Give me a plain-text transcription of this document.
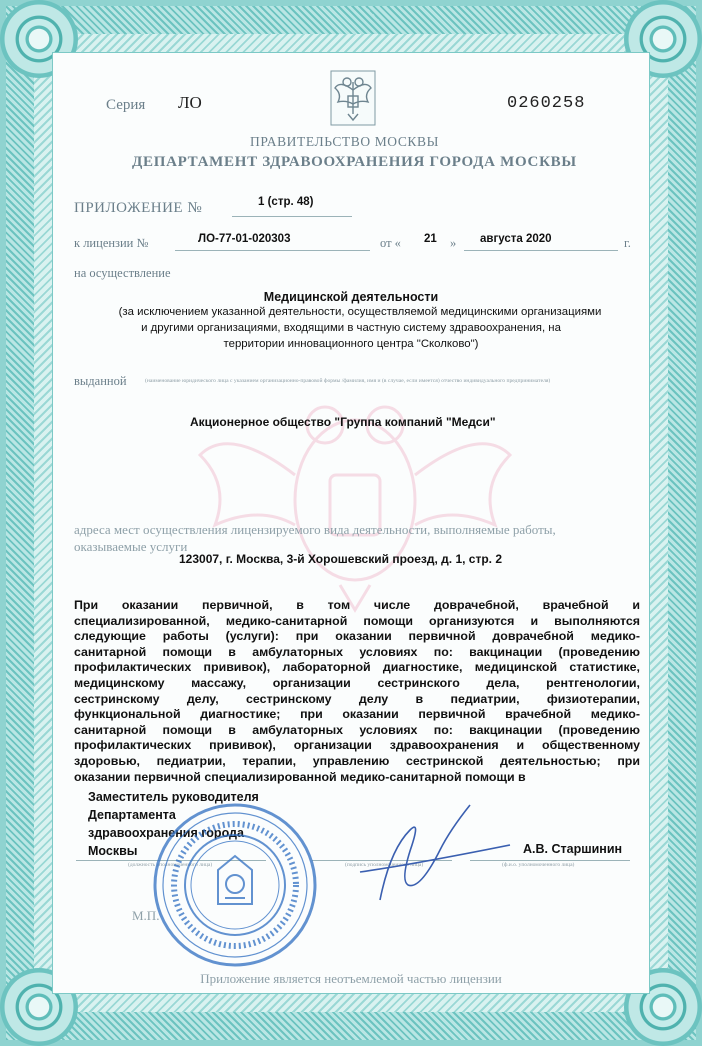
Серия ЛО	0260258
ПРАВИТЕЛЬСТВО МОСКВЫ
ДЕПАРТАМЕНТ ЗДРАВООХРАНЕНИЯ ГОРОДА МОСКВЫ
ПРИЛОЖЕНИЕ №	1 (стр. 48)
к лицензии №	ЛО-77-01-020303	от « 21 » августа 2020	г.
на осуществление
Медицинской деятельности
(за исключением указанной деятельности, осуществляемой медицинскими организациями
и другими организациями, входящими в частную систему здравоохранения, на
территории инновационного центра "Сколково")
выданной	(наименование юридического лица с указанием организационно-правовой формы /фамилия, имя и (в случае, если имеется) отчество индивидуального предпринимателя)
Акционерное общество "Группа компаний "Медси"
адреса мест осуществления лицензируемого вида деятельности, выполняемые работы,
оказываемые услуги
123007, г. Москва, 3-й Хорошевский проезд, д. 1, стр. 2
При оказании первичной, в том числе доврачебной, врачебной и
специализированной, медико-санитарной помощи организуются и выполняются
следующие работы (услуги): при оказании первичной доврачебной медико-
санитарной помощи в амбулаторных условиях по: вакцинации (проведению
профилактических прививок), лабораторной диагностике, медицинской статистике,
медицинскому массажу, организации сестринского дела, рентгенологии,
сестринскому делу, сестринскому делу в педиатрии, физиотерапии,
функциональной диагностике; при оказании первичной врачебной медико-
санитарной помощи в амбулаторных условиях по: вакцинации (проведению
профилактических прививок), организации здравоохранения и общественному
здоровью, педиатрии, терапии, управлению сестринской деятельностью; при
оказании первичной специализированной медико-санитарной помощи в
Заместитель руководителя
Департамента
здравоохранения города
Москвы	А.В. Старшинин
(должность уполномоченного лица)	(подпись уполномоченного лица)	(ф.и.о. уполномоченного лица)
М.П.
Приложение является неотъемлемой частью лицензии
